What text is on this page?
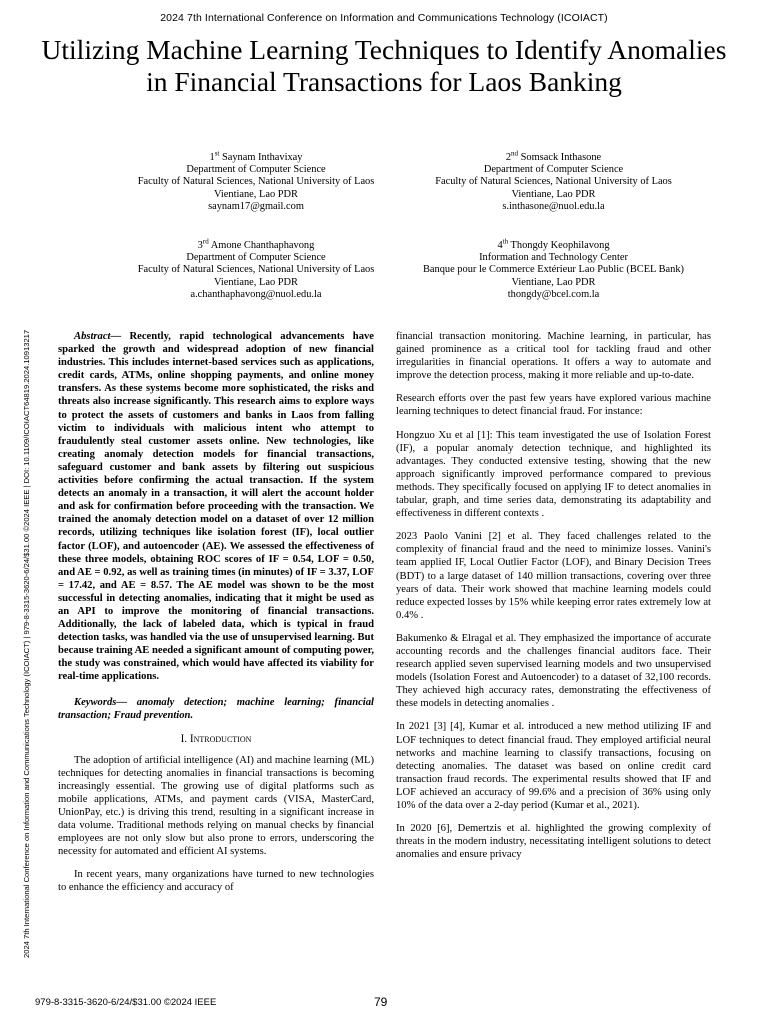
2024 7th International Conference on Information and Communications Technology (ICOIACT)
Utilizing Machine Learning Techniques to Identify Anomalies in Financial Transactions for Laos Banking
1st Saynam Inthavixay
Department of Computer Science
Faculty of Natural Sciences, National University of Laos
Vientiane, Lao PDR
saynam17@gmail.com
2nd Somsack Inthasone
Department of Computer Science
Faculty of Natural Sciences, National University of Laos
Vientiane, Lao PDR
s.inthasone@nuol.edu.la
3rd Amone Chanthaphavong
Department of Computer Science
Faculty of Natural Sciences, National University of Laos
Vientiane, Lao PDR
a.chanthaphavong@nuol.edu.la
4th Thongdy Keophilavong
Information and Technology Center
Banque pour le Commerce Extérieur Lao Public (BCEL Bank)
Vientiane, Lao PDR
thongdy@bcel.com.la
2024 7th International Conference on Information and Communications Technology (ICOIACT) | 979-8-3315-3620-6/24/$31.00 ©2024 IEEE | DOI: 10.1109/ICOIACT64819.2024.10913217	Abstract— Recently, rapid technological advancements have sparked the growth and widespread adoption of new financial industries. This includes internet-based services such as applications, credit cards, ATMs, online shopping payments, and online money transfers. As these systems become more sophisticated, the risks and threats also increase significantly. This research aims to explore ways to protect the assets of customers and banks in Laos from falling victim to individuals with malicious intent who attempt to fraudulently steal customer assets online. New technologies, like creating anomaly detection models for financial transactions, safeguard customer and bank assets by filtering out suspicious activities before confirming the actual transaction. If the system detects an anomaly in a transaction, it will alert the account holder and ask for confirmation before proceeding with the transaction. We trained the anomaly detection model on a dataset of over 12 million records, utilizing techniques like isolation forest (IF), local outlier factor (LOF), and autoencoder (AE). We assessed the effectiveness of these three models, obtaining ROC scores of IF = 0.54, LOF = 0.50, and AE = 0.92, as well as training times (in minutes) of IF = 3.37, LOF = 17.42, and AE = 8.57. The AE model was shown to be the most successful in detecting anomalies, indicating that it might be used as an API to improve the monitoring of financial transactions. Additionally, the lack of labeled data, which is typical in fraud detection tasks, was handled via the use of unsupervised learning. But because training AE needed a significant amount of computing power, the study was constrained, which would have affected its viability for real-time applications.

Keywords— anomaly detection; machine learning; financial transaction; Fraud prevention.

I. Introduction

The adoption of artificial intelligence (AI) and machine learning (ML) techniques for detecting anomalies in financial transactions is becoming increasingly essential. The growing use of digital platforms such as mobile applications, ATMs, and payment cards (VISA, MasterCard, UnionPay, etc.) is driving this trend, resulting in a significant increase in data volume. Traditional methods relying on manual checks by financial employees are not only slow but also prone to errors, underscoring the necessity for automated and efficient AI systems.

In recent years, many organizations have turned to new technologies to enhance the efficiency and accuracy of

financial transaction monitoring. Machine learning, in particular, has gained prominence as a critical tool for tackling fraud and other irregularities in financial operations. It offers a way to automate and improve the detection process, making it more reliable and up-to-date.

Research efforts over the past few years have explored various machine learning techniques to detect financial fraud. For instance:

Hongzuo Xu et al [1]: This team investigated the use of Isolation Forest (IF), a popular anomaly detection technique, and highlighted its advantages. They conducted extensive testing, showing that the new approach significantly improved performance compared to previous methods. They specifically focused on applying IF to detect anomalies in tabular, graph, and time series data, demonstrating its adaptability and effectiveness in different contexts .

2023 Paolo Vanini [2] et al. They faced challenges related to the complexity of financial fraud and the need to minimize losses. Vanini's team applied IF, Local Outlier Factor (LOF), and Binary Decision Trees (BDT) to a large dataset of 140 million transactions, covering over three years of data. Their work showed that machine learning models could reduce expected losses by 15% while keeping error rates extremely low at 0.4% .

Bakumenko & Elragal et al. They emphasized the importance of accurate accounting records and the challenges financial auditors face. Their research applied seven supervised learning models and two unsupervised models (Isolation Forest and Autoencoder) to a dataset of 32,100 records. They achieved high accuracy rates, demonstrating the effectiveness of these models in detecting anomalies .

In 2021 [3] [4], Kumar et al. introduced a new method utilizing IF and LOF techniques to detect financial fraud. They employed artificial neural networks and machine learning to classify transactions, focusing on detecting anomalies. The dataset was based on online credit card transaction fraud records. The experimental results showed that IF and LOF achieved an accuracy of 99.6% and a precision of 36% using only 10% of the data over a 2-day period (Kumar et al., 2021).

In 2020 [6], Demertzis et al. highlighted the growing complexity of threats in the modern industry, necessitating intelligent solutions to detect anomalies and ensure privacy

979-8-3315-3620-6/24/$31.00 ©2024 IEEE	79
